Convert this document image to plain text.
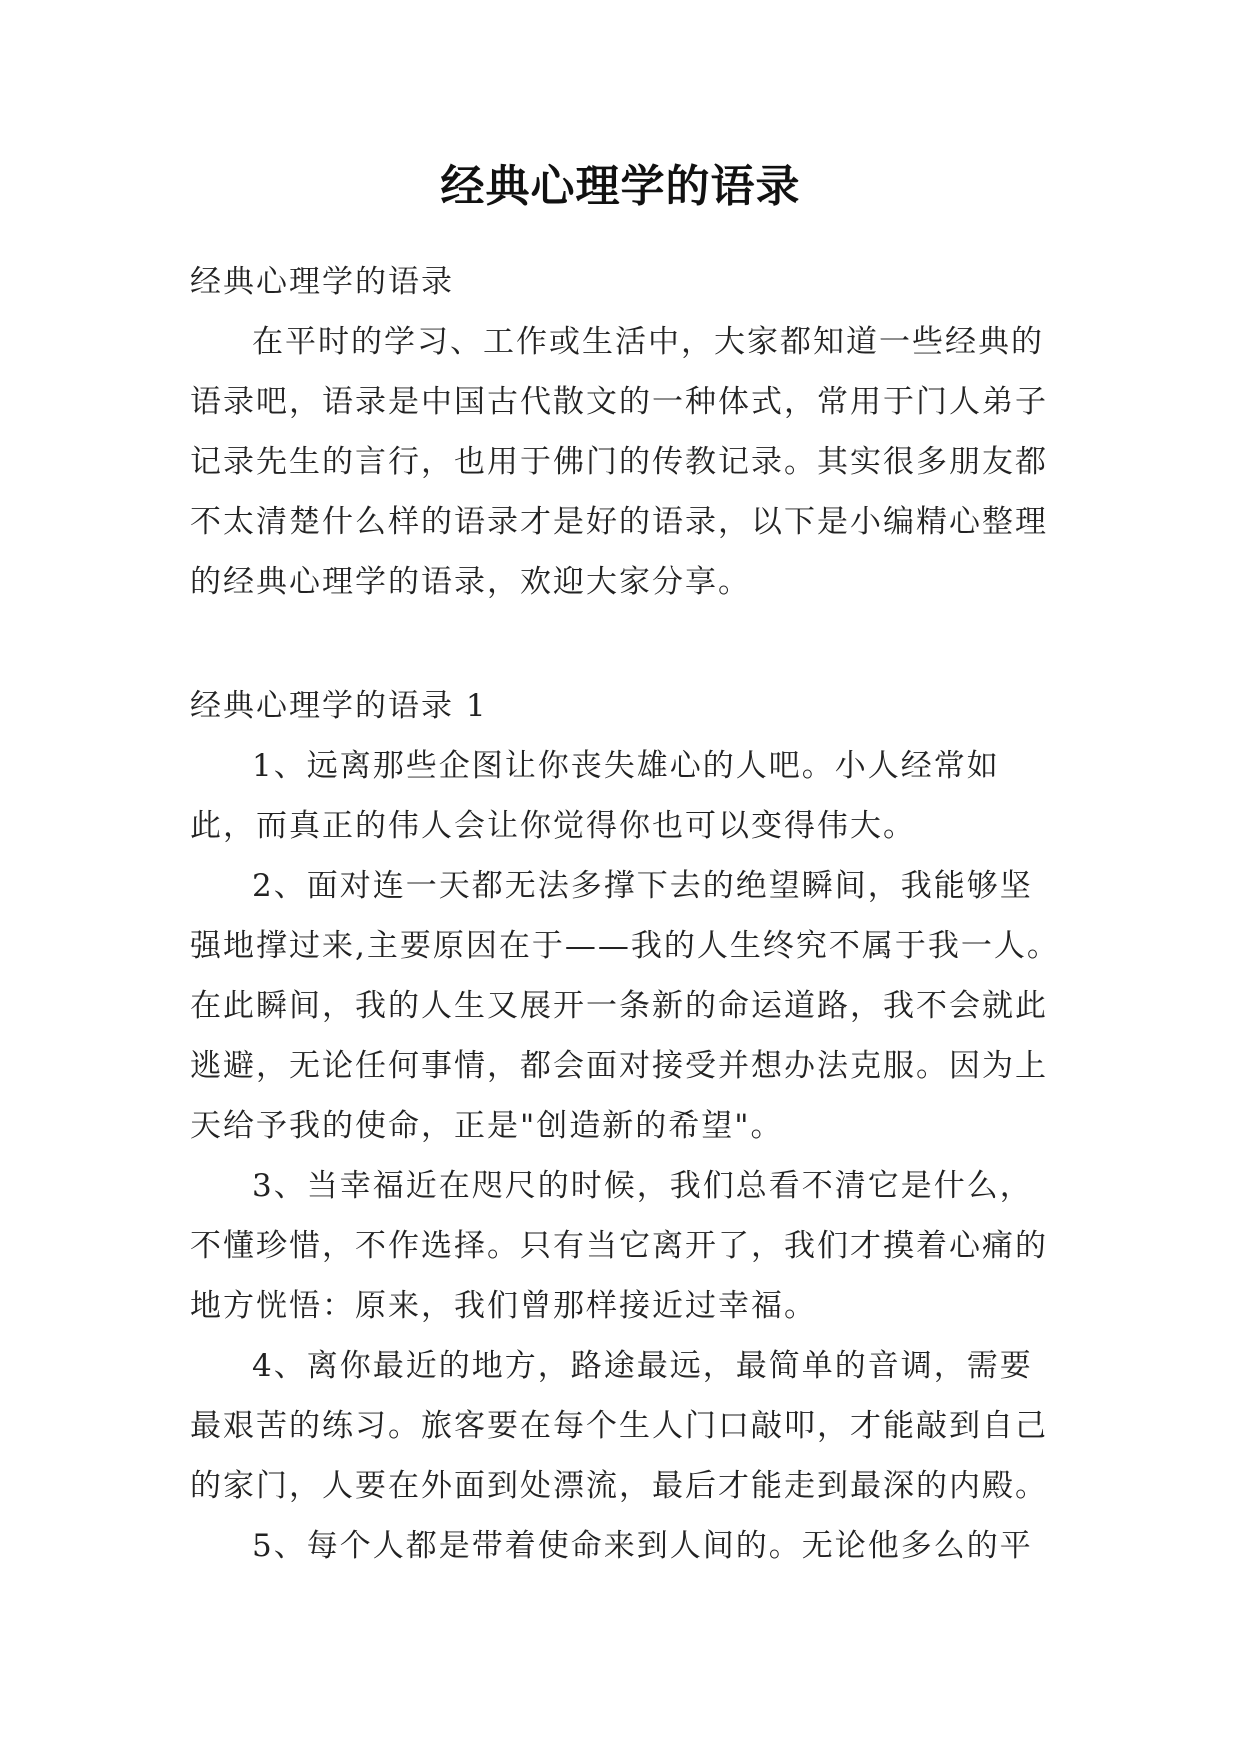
经典心理学的语录

经典心理学的语录

在平时的学习、工作或生活中，大家都知道一些经典的语录吧，语录是中国古代散文的一种体式，常用于门人弟子记录先生的言行，也用于佛门的传教记录。其实很多朋友都不太清楚什么样的语录才是好的语录，以下是小编精心整理的经典心理学的语录，欢迎大家分享。

经典心理学的语录 1

1、远离那些企图让你丧失雄心的人吧。小人经常如此，而真正的伟人会让你觉得你也可以变得伟大。

2、面对连一天都无法多撑下去的绝望瞬间，我能够坚强地撑过来,主要原因在于——我的人生终究不属于我一人。在此瞬间，我的人生又展开一条新的命运道路，我不会就此逃避，无论任何事情，都会面对接受并想办法克服。因为上天给予我的使命，正是"创造新的希望"。

3、当幸福近在咫尺的时候，我们总看不清它是什么，不懂珍惜，不作选择。只有当它离开了，我们才摸着心痛的地方恍悟：原来，我们曾那样接近过幸福。

4、离你最近的地方，路途最远，最简单的音调，需要最艰苦的练习。旅客要在每个生人门口敲叩，才能敲到自己的家门，人要在外面到处漂流，最后才能走到最深的内殿。

5、每个人都是带着使命来到人间的。无论他多么的平
